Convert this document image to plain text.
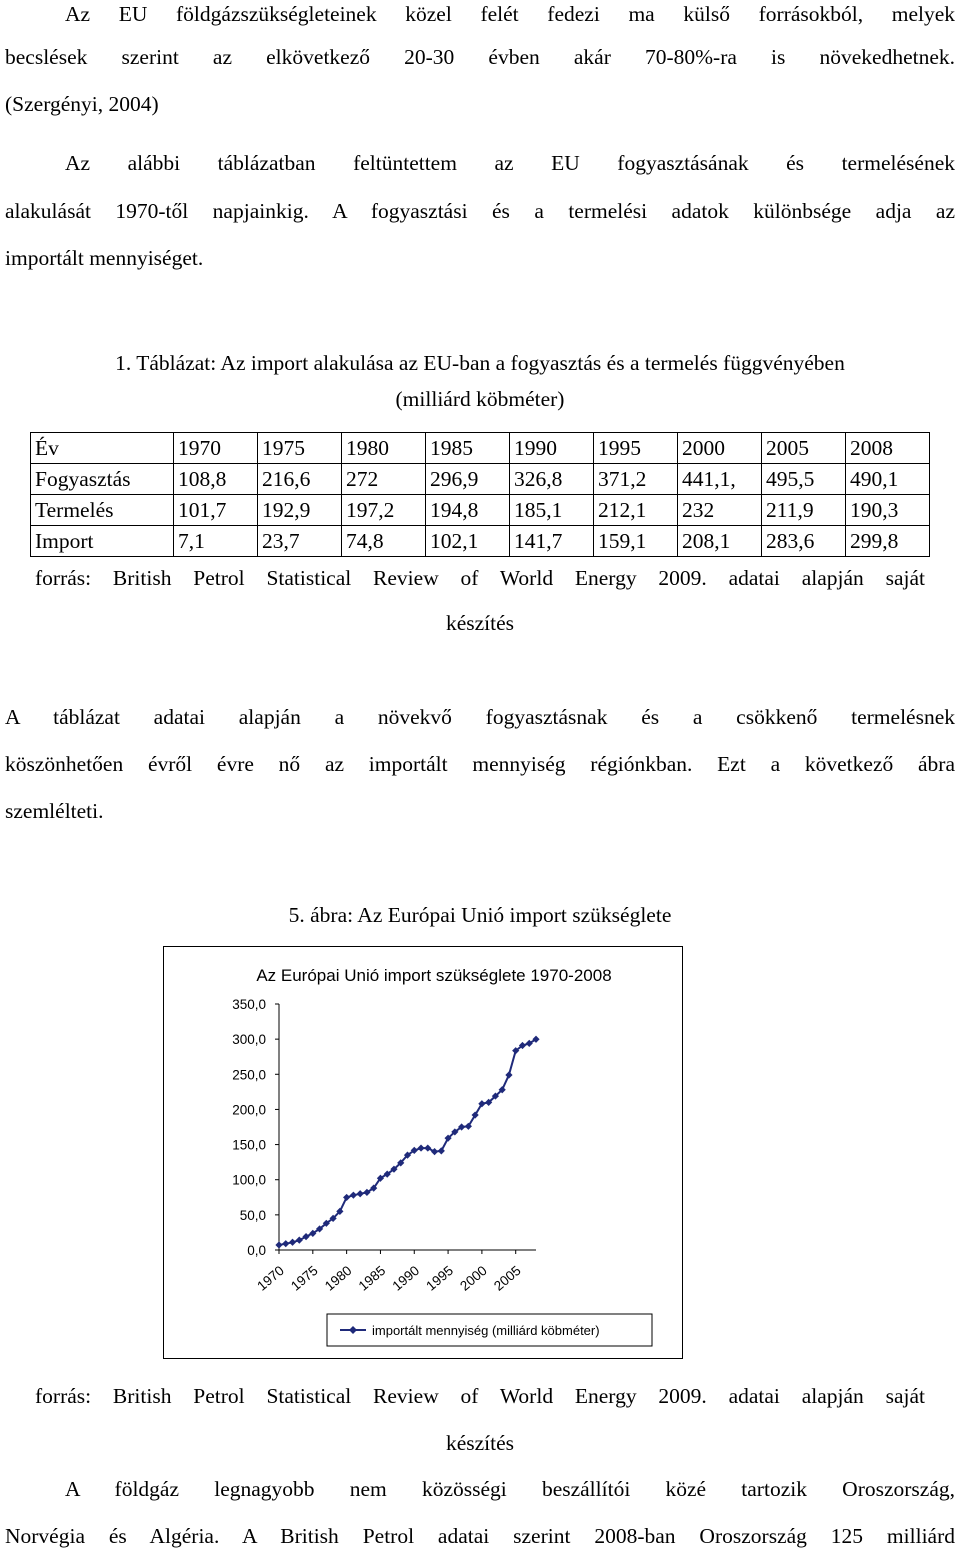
Az EU földgázszükségleteinek közel felét fedezi ma külső forrásokból, melyek

becslések szerint az elkövetkező 20-30 évben akár 70-80%-ra is növekedhetnek.

(Szergényi, 2004)

Az alábbi táblázatban feltüntettem az EU fogyasztásának és termelésének

alakulását 1970-től napjainkig. A fogyasztási és a termelési adatok különbsége adja az

importált mennyiséget.

1. Táblázat: Az import alakulása az EU-ban a fogyasztás és a termelés függvényében

(milliárd köbméter)

Év	1970	1975	1980	1985	1990	1995	2000	2005	2008
Fogyasztás	108,8	216,6	272	296,9	326,8	371,2	441,1,	495,5	490,1
Termelés	101,7	192,9	197,2	194,8	185,1	212,1	232	211,9	190,3
Import	7,1	23,7	74,8	102,1	141,7	159,1	208,1	283,6	299,8

forrás: British Petrol Statistical Review of World Energy 2009. adatai alapján saját

készítés

A táblázat adatai alapján a növekvő fogyasztásnak és a csökkenő termelésnek

köszönhetően évről évre nő az importált mennyiség régiónkban. Ezt a következő ábra

szemlélteti.

5. ábra: Az Európai Unió import szükséglete

Az Európai Unió import szükséglete 1970-2008
0,0
50,0
100,0
150,0
200,0
250,0
300,0
350,0
1970 1975 1980 1985 1990 1995 2000 2005
importált mennyiség (milliárd köbméter)

forrás: British Petrol Statistical Review of World Energy 2009. adatai alapján saját

készítés

A földgáz legnagyobb nem közösségi beszállítói közé tartozik Oroszország,

Norvégia és Algéria. A British Petrol adatai szerint 2008-ban Oroszország 125 milliárd
